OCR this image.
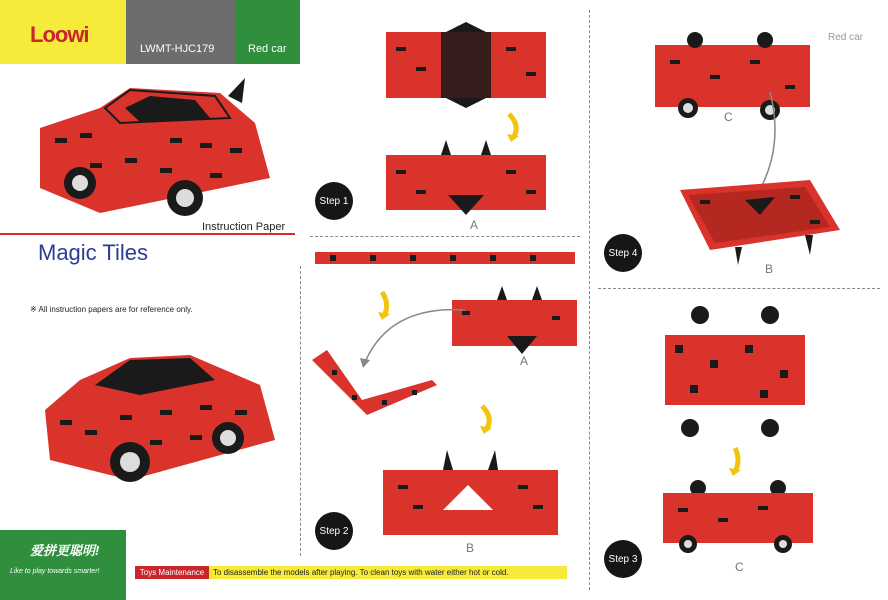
Loowi
LWMT-HJC179	Red car
Instruction Paper
Magic Tiles
※ All instruction papers are for reference only.
爱拼更聪明!
Like to play towards smarter!	Toys Maintenance	To disassemble the models after playing. To clean toys with water either hot or cold.
Step 1
A
A
Step 2
B
Red car
C
Step 4
B
Step 3
C
